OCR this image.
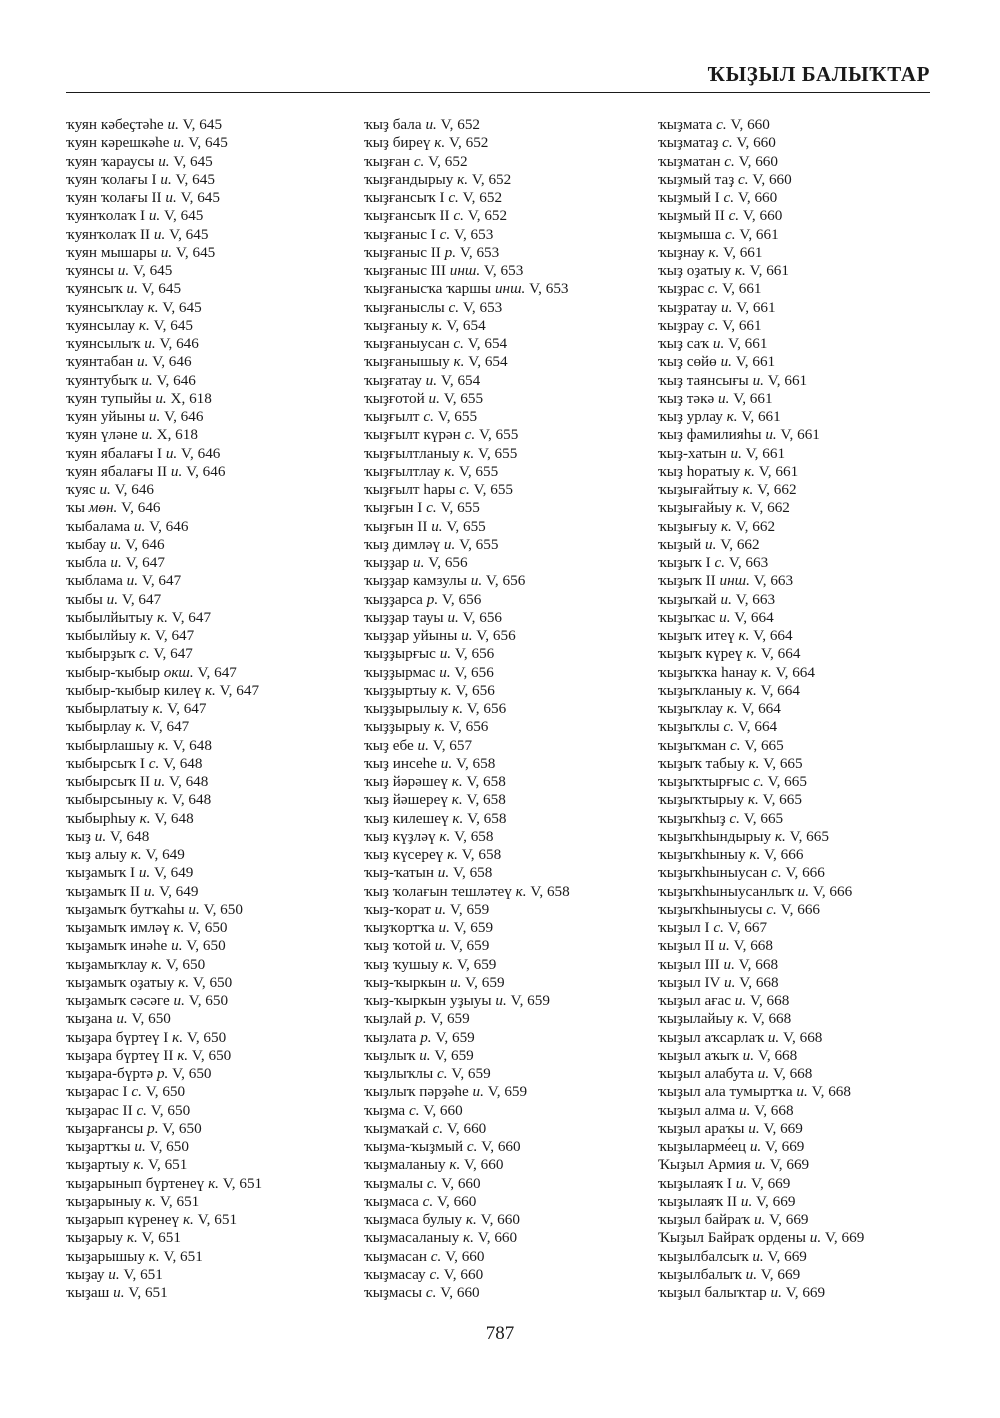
ҠЫҘЫЛ БАЛЫҠТАР
ҡуян кәбеҫтәһе и. V, 645
ҡуян кәрешкәһе и. V, 645
ҡуян ҡараусы и. V, 645
ҡуян ҡолағы I и. V, 645
ҡуян ҡолағы II и. V, 645
ҡуянҡолаҡ I и. V, 645
ҡуянҡолаҡ II и. V, 645
ҡуян мышары и. V, 645
ҡуянсы и. V, 645
ҡуянсыҡ и. V, 645
ҡуянсыҡлау к. V, 645
ҡуянсылау к. V, 645
ҡуянсылыҡ и. V, 646
ҡуянтабан и. V, 646
ҡуянтубыҡ и. V, 646
ҡуян тупыйы и. X, 618
ҡуян уйыны и. V, 646
ҡуян үләне и. X, 618
ҡуян ябалағы I и. V, 646
ҡуян ябалағы II и. V, 646
ҡуяс и. V, 646
ҡы мөн. V, 646
ҡыбалама и. V, 646
ҡыбау и. V, 646
ҡыбла и. V, 647
ҡыблама и. V, 647
ҡыбы и. V, 647
ҡыбылйытыу к. V, 647
ҡыбылйыу к. V, 647
ҡыбырҙыҡ с. V, 647
ҡыбыр-ҡыбыр окш. V, 647
ҡыбыр-ҡыбыр килеү к. V, 647
ҡыбырлатыу к. V, 647
ҡыбырлау к. V, 647
ҡыбырлашыу к. V, 648
ҡыбырсыҡ I с. V, 648
ҡыбырсыҡ II и. V, 648
ҡыбырсыныу к. V, 648
ҡыбырһыу к. V, 648
ҡыҙ и. V, 648
ҡыҙ алыу к. V, 649
ҡыҙамыҡ I и. V, 649
ҡыҙамыҡ II и. V, 649
ҡыҙамыҡ бутҡаһы и. V, 650
ҡыҙамыҡ имләү к. V, 650
ҡыҙамыҡ инәһе и. V, 650
ҡыҙамыҡлау к. V, 650
ҡыҙамыҡ оҙатыу к. V, 650
ҡыҙамыҡ сәсәге и. V, 650
ҡыҙана и. V, 650
ҡыҙара бүртеү I к. V, 650
ҡыҙара бүртеү II к. V, 650
ҡыҙара-бүртә р. V, 650
ҡыҙарас I с. V, 650
ҡыҙарас II с. V, 650
ҡыҙарғансы р. V, 650
ҡыҙартҡы и. V, 650
ҡыҙартыу к. V, 651
ҡыҙарынып бүртенеү к. V, 651
ҡыҙарыныу к. V, 651
ҡыҙарып күренеү к. V, 651
ҡыҙарыу к. V, 651
ҡыҙарышыу к. V, 651
ҡыҙау и. V, 651
ҡыҙаш и. V, 651
ҡыҙ бала и. V, 652
ҡыҙ биреү к. V, 652
ҡыҙған с. V, 652
ҡыҙғандырыу к. V, 652
ҡыҙғансыҡ I с. V, 652
ҡыҙғансыҡ II с. V, 652
ҡыҙғаныс I с. V, 653
ҡыҙғаныс II р. V, 653
ҡыҙғаныс III инш. V, 653
ҡыҙғанысҡа ҡаршы инш. V, 653
ҡыҙғаныслы с. V, 653
ҡыҙғаныу к. V, 654
ҡыҙғаныусан с. V, 654
ҡыҙғанышыу к. V, 654
ҡыҙғатау и. V, 654
ҡыҙғотой и. V, 655
ҡыҙғылт с. V, 655
ҡыҙғылт күрән с. V, 655
ҡыҙғылтланыу к. V, 655
ҡыҙғылтлау к. V, 655
ҡыҙғылт һары с. V, 655
ҡыҙғын I с. V, 655
ҡыҙғын II и. V, 655
ҡыҙ димләү и. V, 655
ҡыҙҙар и. V, 656
ҡыҙҙар камзулы и. V, 656
ҡыҙҙарса р. V, 656
ҡыҙҙар тауы и. V, 656
ҡыҙҙар уйыны и. V, 656
ҡыҙҙырғыс и. V, 656
ҡыҙҙырмас и. V, 656
ҡыҙҙыртыу к. V, 656
ҡыҙҙырылыу к. V, 656
ҡыҙҙырыу к. V, 656
ҡыҙ ебе и. V, 657
ҡыҙ инсеһе и. V, 658
ҡыҙ йәрәшеү к. V, 658
ҡыҙ йәшереү к. V, 658
ҡыҙ килешеү к. V, 658
ҡыҙ күҙләү к. V, 658
ҡыҙ күсереү к. V, 658
ҡыҙ-ҡатын и. V, 658
ҡыҙ ҡолағын тешләтеү к. V, 658
ҡыҙ-ҡорат и. V, 659
ҡыҙҡортҡа и. V, 659
ҡыҙ ҡотой и. V, 659
ҡыҙ ҡушыу к. V, 659
ҡыҙ-ҡыркын и. V, 659
ҡыҙ-ҡыркын уҙыуы и. V, 659
ҡыҙлай р. V, 659
ҡыҙлата р. V, 659
ҡыҙлыҡ и. V, 659
ҡыҙлыҡлы с. V, 659
ҡыҙлыҡ пәрҙәһе и. V, 659
ҡыҙма с. V, 660
ҡыҙмаҡай с. V, 660
ҡыҙма-ҡыҙмый с. V, 660
ҡыҙмаланыу к. V, 660
ҡыҙмалы с. V, 660
ҡыҙмаса с. V, 660
ҡыҙмаса булыу к. V, 660
ҡыҙмасаланыу к. V, 660
ҡыҙмасан с. V, 660
ҡыҙмасау с. V, 660
ҡыҙмасы с. V, 660
ҡыҙмата с. V, 660
ҡыҙматаҙ с. V, 660
ҡыҙматан с. V, 660
ҡыҙмый таҙ с. V, 660
ҡыҙмый I с. V, 660
ҡыҙмый II с. V, 660
ҡыҙмыша с. V, 661
ҡыҙнау к. V, 661
ҡыҙ оҙатыу к. V, 661
ҡыҙрас с. V, 661
ҡыҙратау и. V, 661
ҡыҙрау с. V, 661
ҡыҙ саҡ и. V, 661
ҡыҙ сөйө и. V, 661
ҡыҙ таянсығы и. V, 661
ҡыҙ тәкә и. V, 661
ҡыҙ урлау к. V, 661
ҡыҙ фамилияһы и. V, 661
ҡыҙ-хатын и. V, 661
ҡыҙ һоратыу к. V, 661
ҡыҙығайтыу к. V, 662
ҡыҙығайыу к. V, 662
ҡыҙығыу к. V, 662
ҡыҙый и. V, 662
ҡыҙыҡ I с. V, 663
ҡыҙыҡ II инш. V, 663
ҡыҙыҡай и. V, 663
ҡыҙыҡас и. V, 664
ҡыҙыҡ итеү к. V, 664
ҡыҙыҡ күреү к. V, 664
ҡыҙыҡҡа һанау к. V, 664
ҡыҙыҡланыу к. V, 664
ҡыҙыҡлау к. V, 664
ҡыҙыҡлы с. V, 664
ҡыҙыҡман с. V, 665
ҡыҙыҡ табыу к. V, 665
ҡыҙыҡтырғыс с. V, 665
ҡыҙыҡтырыу к. V, 665
ҡыҙыҡһыҙ с. V, 665
ҡыҙыҡһындырыу к. V, 665
ҡыҙыҡһыныу к. V, 666
ҡыҙыҡһыныусан с. V, 666
ҡыҙыҡһыныусанлыҡ и. V, 666
ҡыҙыҡһыныусы с. V, 666
ҡыҙыл I с. V, 667
ҡыҙыл II и. V, 668
ҡыҙыл III и. V, 668
ҡыҙыл IV и. V, 668
ҡыҙыл ағас и. V, 668
ҡыҙылайыу к. V, 668
ҡыҙыл аҡсарлаҡ и. V, 668
ҡыҙыл аҡыҡ и. V, 668
ҡыҙыл алабута и. V, 668
ҡыҙыл ала тумыртҡа и. V, 668
ҡыҙыл алма и. V, 668
ҡыҙыл араҡы и. V, 669
ҡыҙыларме́ец и. V, 669
Ҡыҙыл Армия и. V, 669
ҡыҙылаяҡ I и. V, 669
ҡыҙылаяҡ II и. V, 669
ҡыҙыл байраҡ и. V, 669
Ҡыҙыл Байраҡ ордены и. V, 669
ҡыҙылбалсыҡ и. V, 669
ҡыҙылбалыҡ и. V, 669
ҡыҙыл балыҡтар и. V, 669
787
